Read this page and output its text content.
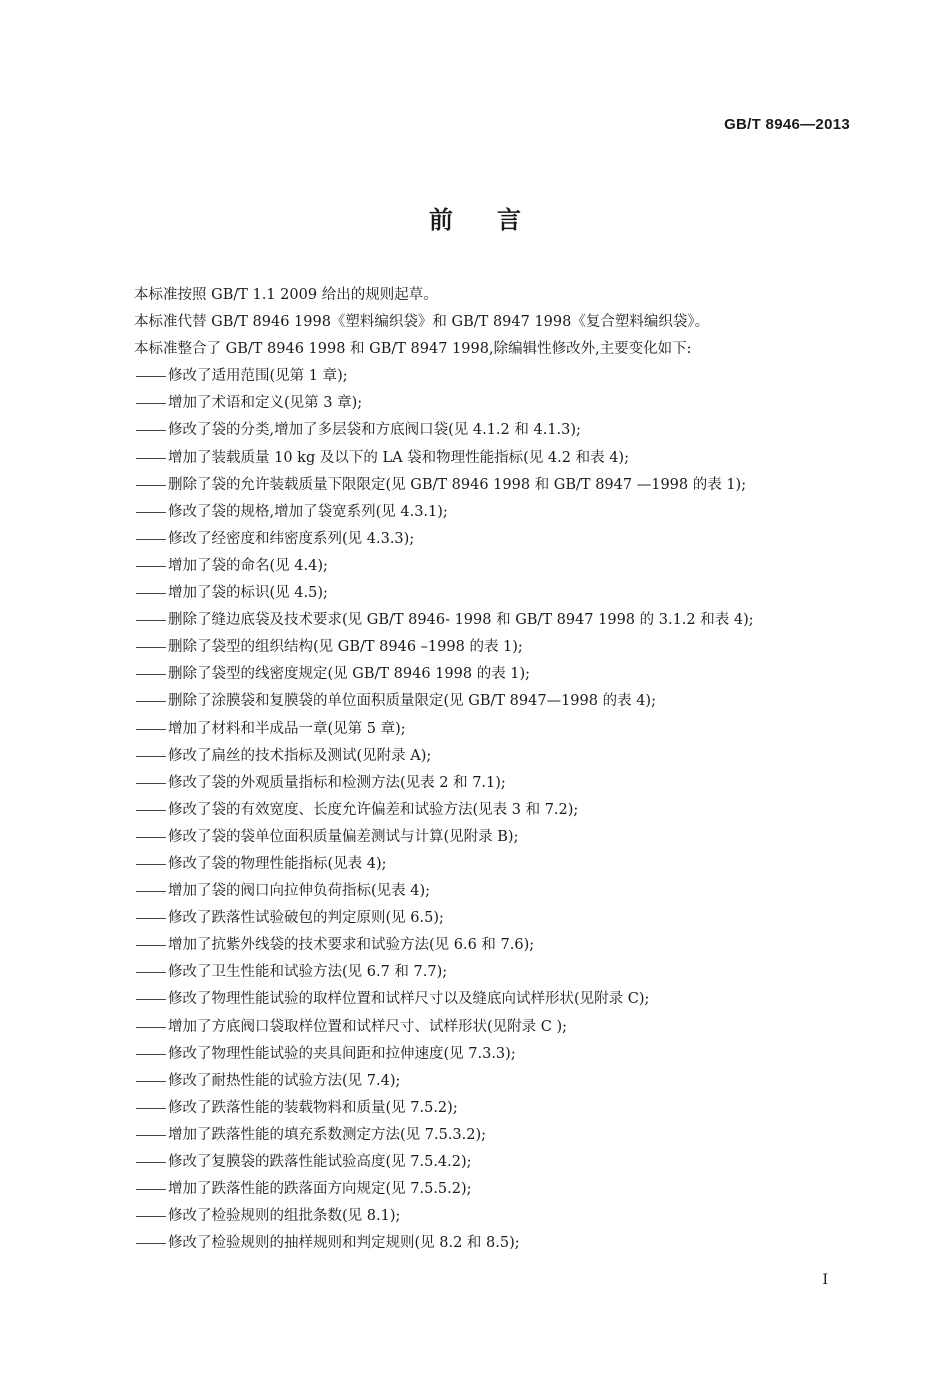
GB/T 8946—2013
前言
本标准按照 GB/T 1.1 2009 给出的规则起草。
本标准代替 GB/T 8946 1998《塑料编织袋》和 GB/T 8947 1998《复合塑料编织袋》。
本标准整合了 GB/T 8946 1998 和 GB/T 8947 1998,除编辑性修改外,主要变化如下:
修改了适用范围(见第 1 章);
增加了术语和定义(见第 3 章);
修改了袋的分类,增加了多层袋和方底阀口袋(见 4.1.2 和 4.1.3);
增加了装载质量 10 kg 及以下的 LA 袋和物理性能指标(见 4.2 和表 4);
删除了袋的允许装载质量下限限定(见 GB/T 8946 1998 和 GB/T 8947 —1998 的表 1);
修改了袋的规格,增加了袋宽系列(见 4.3.1);
修改了经密度和纬密度系列(见 4.3.3);
增加了袋的命名(见 4.4);
增加了袋的标识(见 4.5);
删除了缝边底袋及技术要求(见 GB/T 8946- 1998 和 GB/T 8947 1998 的 3.1.2 和表 4);
删除了袋型的组织结构(见 GB/T 8946 –1998 的表 1);
删除了袋型的线密度规定(见 GB/T 8946 1998 的表 1);
删除了涂膜袋和复膜袋的单位面积质量限定(见 GB/T 8947—1998 的表 4);
增加了材料和半成品一章(见第 5 章);
修改了扁丝的技术指标及测试(见附录 A);
修改了袋的外观质量指标和检测方法(见表 2 和 7.1);
修改了袋的有效宽度、长度允许偏差和试验方法(见表 3 和 7.2);
修改了袋的袋单位面积质量偏差测试与计算(见附录 B);
修改了袋的物理性能指标(见表 4);
增加了袋的阀口向拉伸负荷指标(见表 4);
修改了跌落性试验破包的判定原则(见 6.5);
增加了抗紫外线袋的技术要求和试验方法(见 6.6 和 7.6);
修改了卫生性能和试验方法(见 6.7 和 7.7);
修改了物理性能试验的取样位置和试样尺寸以及缝底向试样形状(见附录 C);
增加了方底阀口袋取样位置和试样尺寸、试样形状(见附录 C );
修改了物理性能试验的夹具间距和拉伸速度(见 7.3.3);
修改了耐热性能的试验方法(见 7.4);
修改了跌落性能的装载物料和质量(见 7.5.2);
增加了跌落性能的填充系数测定方法(见 7.5.3.2);
修改了复膜袋的跌落性能试验高度(见 7.5.4.2);
增加了跌落性能的跌落面方向规定(见 7.5.5.2);
修改了检验规则的组批条数(见 8.1);
修改了检验规则的抽样规则和判定规则(见 8.2 和 8.5);
I
